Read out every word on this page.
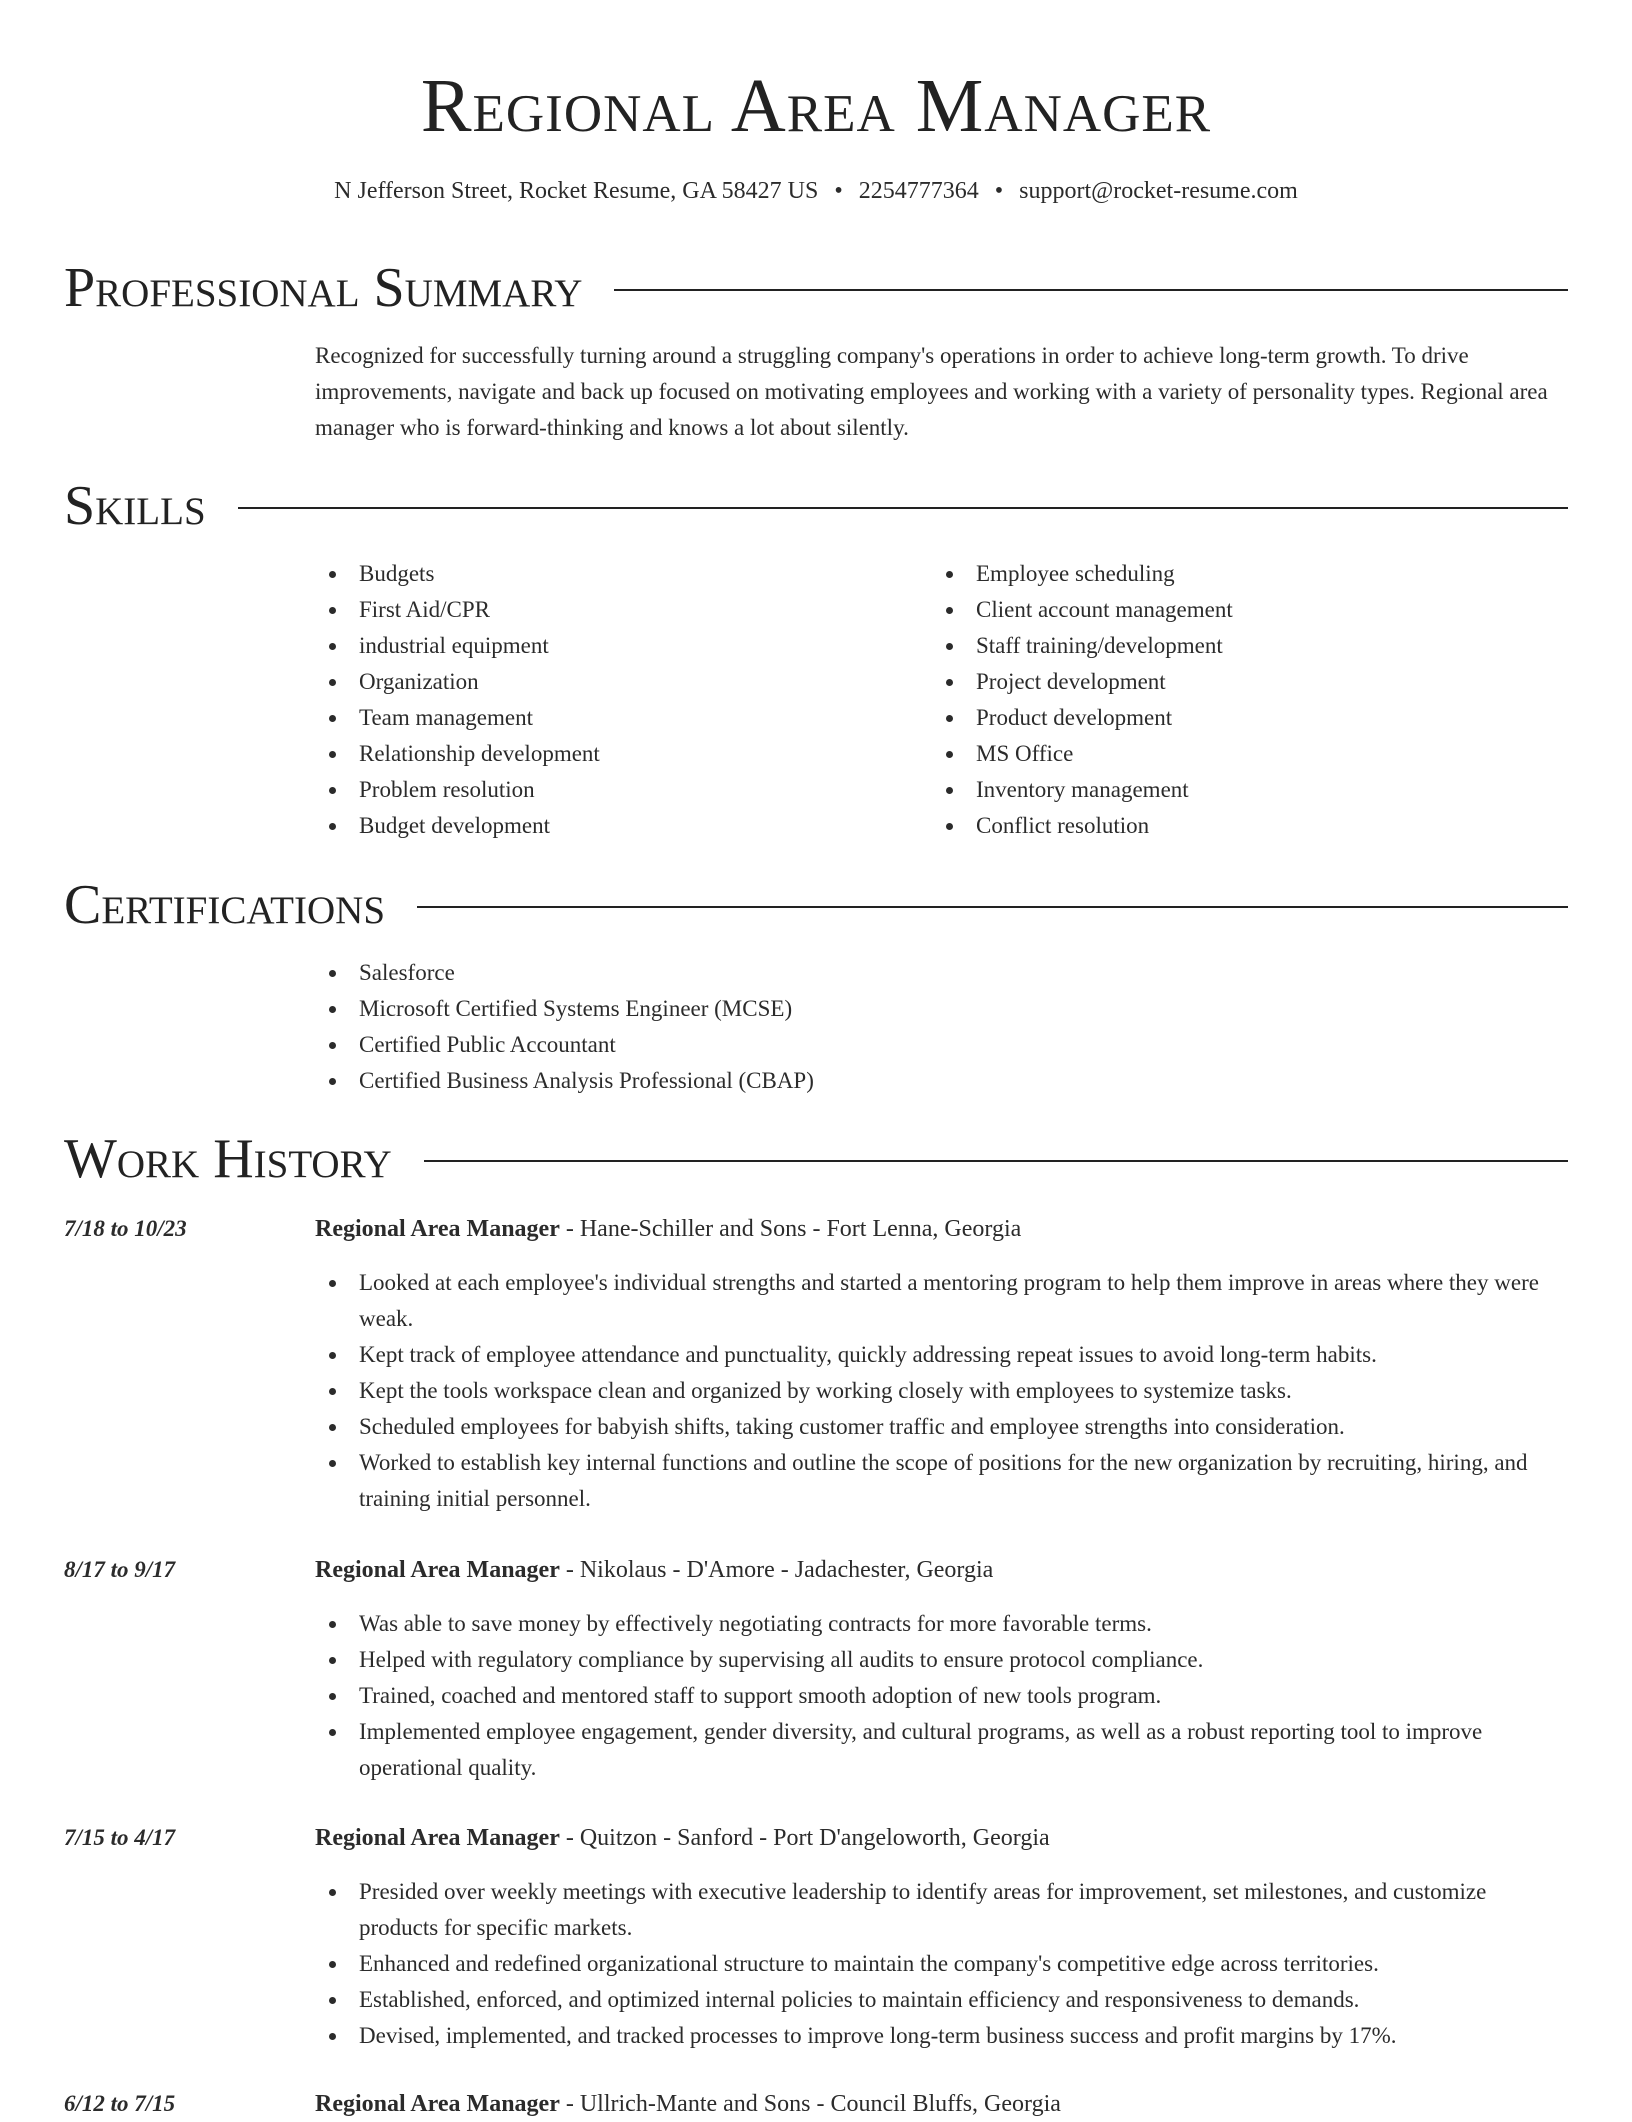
Regional Area Manager
N Jefferson Street, Rocket Resume, GA 58427 US • 2254777364 • support@rocket-resume.com
Professional Summary
Recognized for successfully turning around a struggling company's operations in order to achieve long-term growth. To drive improvements, navigate and back up focused on motivating employees and working with a variety of personality types. Regional area manager who is forward-thinking and knows a lot about silently.
Skills
Budgets
First Aid/CPR
industrial equipment
Organization
Team management
Relationship development
Problem resolution
Budget development
Employee scheduling
Client account management
Staff training/development
Project development
Product development
MS Office
Inventory management
Conflict resolution
Certifications
Salesforce
Microsoft Certified Systems Engineer (MCSE)
Certified Public Accountant
Certified Business Analysis Professional (CBAP)
Work History
7/18 to 10/23	Regional Area Manager - Hane-Schiller and Sons - Fort Lenna, Georgia
Looked at each employee's individual strengths and started a mentoring program to help them improve in areas where they were weak.
Kept track of employee attendance and punctuality, quickly addressing repeat issues to avoid long-term habits.
Kept the tools workspace clean and organized by working closely with employees to systemize tasks.
Scheduled employees for babyish shifts, taking customer traffic and employee strengths into consideration.
Worked to establish key internal functions and outline the scope of positions for the new organization by recruiting, hiring, and training initial personnel.
8/17 to 9/17	Regional Area Manager - Nikolaus - D'Amore - Jadachester, Georgia
Was able to save money by effectively negotiating contracts for more favorable terms.
Helped with regulatory compliance by supervising all audits to ensure protocol compliance.
Trained, coached and mentored staff to support smooth adoption of new tools program.
Implemented employee engagement, gender diversity, and cultural programs, as well as a robust reporting tool to improve operational quality.
7/15 to 4/17	Regional Area Manager - Quitzon - Sanford - Port D'angeloworth, Georgia
Presided over weekly meetings with executive leadership to identify areas for improvement, set milestones, and customize products for specific markets.
Enhanced and redefined organizational structure to maintain the company's competitive edge across territories.
Established, enforced, and optimized internal policies to maintain efficiency and responsiveness to demands.
Devised, implemented, and tracked processes to improve long-term business success and profit margins by 17%.
6/12 to 7/15	Regional Area Manager - Ullrich-Mante and Sons - Council Bluffs, Georgia
